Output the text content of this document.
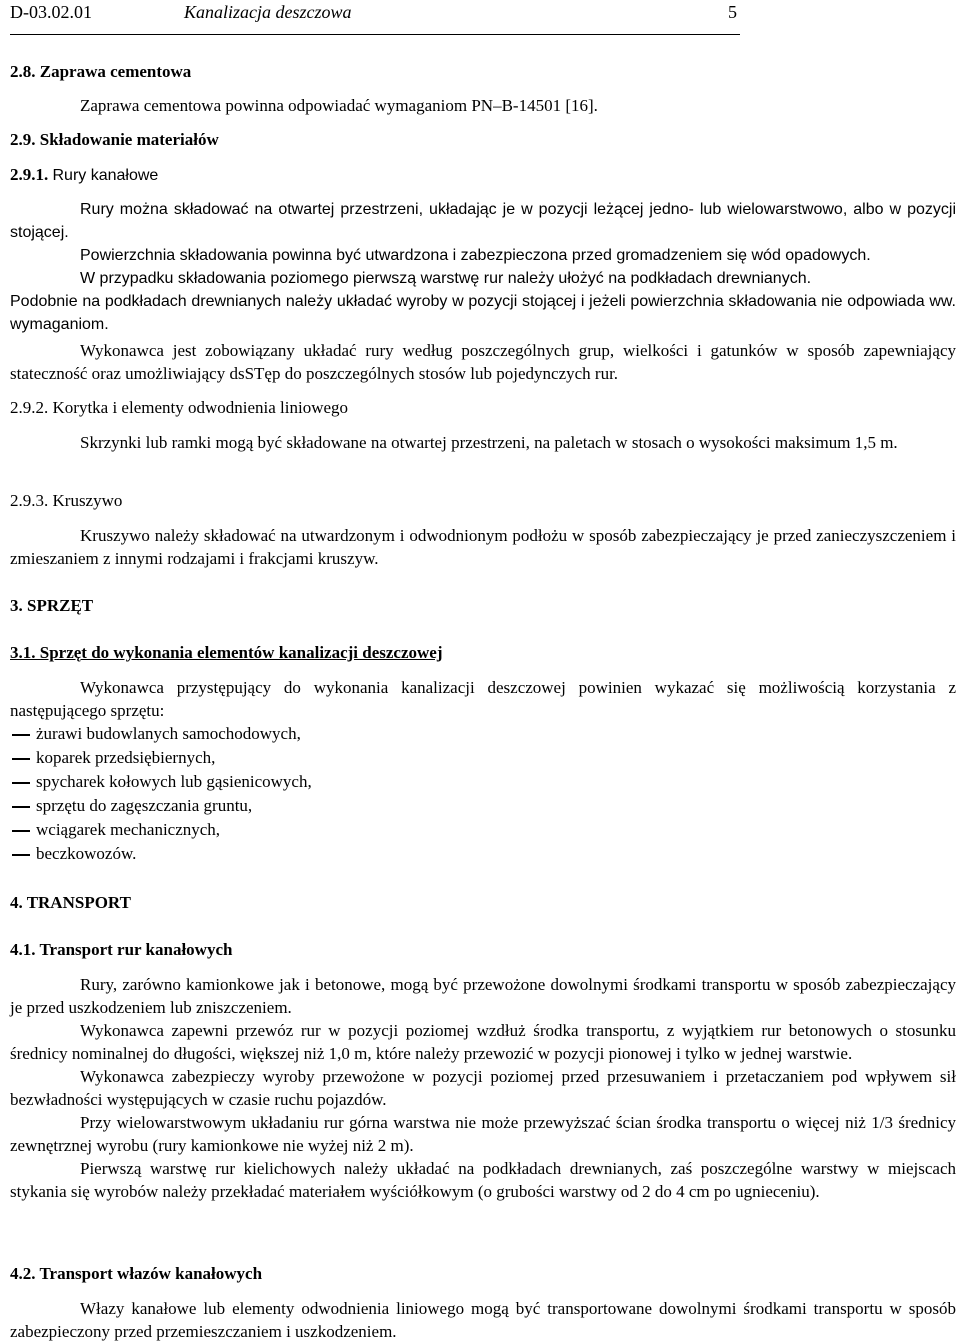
D-03.02.01	Kanalizacja deszczowa	5
2.8. Zaprawa cementowa
Zaprawa cementowa powinna odpowiadać wymaganiom PN–B-14501 [16].
2.9. Składowanie materiałów
2.9.1. Rury kanałowe

Rury można składować na otwartej przestrzeni, układając je w pozycji leżącej jedno- lub wielowarstwowo, albo w pozycji stojącej.

Powierzchnia składowania powinna być utwardzona i zabezpieczona przed gromadzeniem się wód opadowych.

W przypadku składowania poziomego pierwszą warstwę rur należy ułożyć na podkładach drewnianych.

Podobnie na podkładach drewnianych należy układać wyroby w pozycji stojącej i jeżeli powierzchnia składowania nie odpowiada ww. wymaganiom.

Wykonawca jest zobowiązany układać rury według poszczególnych grup, wielkości i gatunków w sposób zapewniający stateczność oraz umożliwiający dsSTęp do poszczególnych stosów lub pojedynczych rur.
2.9.2. Korytka i elementy odwodnienia liniowego
Skrzynki lub ramki mogą być składowane na otwartej przestrzeni, na paletach w stosach o wysokości maksimum 1,5 m.
2.9.3. Kruszywo
Kruszywo należy składować na utwardzonym i odwodnionym podłożu w sposób zabezpieczający je przed zanieczyszczeniem i zmieszaniem z innymi rodzajami i frakcjami kruszyw.
3. SPRZĘT
3.1. Sprzęt do wykonania elementów kanalizacji deszczowej
Wykonawca przystępujący do wykonania kanalizacji deszczowej powinien wykazać się możliwością korzystania z następującego sprzętu:
żurawi budowlanych samochodowych,
koparek przedsiębiernych,
spycharek kołowych lub gąsienicowych,
sprzętu do zagęszczania gruntu,
wciągarek mechanicznych,
beczkowozów.
4. TRANSPORT
4.1. Transport rur kanałowych

Rury, zarówno kamionkowe jak i betonowe, mogą być przewożone dowolnymi środkami transportu w sposób zabezpieczający je przed uszkodzeniem lub zniszczeniem.

Wykonawca zapewni przewóz rur w pozycji poziomej wzdłuż środka transportu, z wyjątkiem rur betonowych o stosunku średnicy nominalnej do długości, większej niż 1,0 m, które należy przewozić w pozycji pionowej i tylko w jednej warstwie.

Wykonawca zabezpieczy wyroby przewożone w pozycji poziomej przed przesuwaniem i przetaczaniem pod wpływem sił bezwładności występujących w czasie ruchu pojazdów.

Przy wielowarstwowym układaniu rur górna warstwa nie może przewyższać ścian środka transportu o więcej niż 1/3 średnicy zewnętrznej wyrobu (rury kamionkowe nie wyżej niż 2 m).

Pierwszą warstwę rur kielichowych należy układać na podkładach drewnianych, zaś poszczególne warstwy w miejscach stykania się wyrobów należy przekładać materiałem wyściółkowym (o grubości warstwy od 2 do 4 cm po ugnieceniu).

4.2. Transport włazów kanałowych
Włazy kanałowe lub elementy odwodnienia liniowego mogą być transportowane dowolnymi środkami transportu w sposób zabezpieczony przed przemieszczaniem i uszkodzeniem.
